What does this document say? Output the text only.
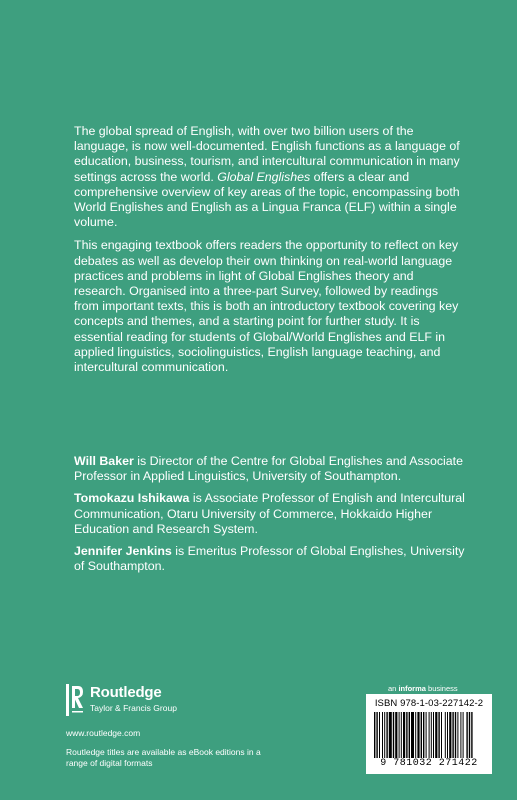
The global spread of English, with over two billion users of the language, is now well-documented. English functions as a language of education, business, tourism, and intercultural communication in many settings across the world. Global Englishes offers a clear and comprehensive overview of key areas of the topic, encompassing both World Englishes and English as a Lingua Franca (ELF) within a single volume.

This engaging textbook offers readers the opportunity to reflect on key debates as well as develop their own thinking on real-world language practices and problems in light of Global Englishes theory and research. Organised into a three-part Survey, followed by readings from important texts, this is both an introductory textbook covering key concepts and themes, and a starting point for further study. It is essential reading for students of Global/World Englishes and ELF in applied linguistics, sociolinguistics, English language teaching, and intercultural communication.

Will Baker is Director of the Centre for Global Englishes and Associate Professor in Applied Linguistics, University of Southampton.

Tomokazu Ishikawa is Associate Professor of English and Intercultural Communication, Otaru University of Commerce, Hokkaido Higher Education and Research System.

Jennifer Jenkins is Emeritus Professor of Global Englishes, University of Southampton.

Routledge
Taylor & Francis Group
www.routledge.com
Routledge titles are available as eBook editions in a range of digital formats
an informa business
ISBN 978-1-03-227142-2
9 781032 271422
